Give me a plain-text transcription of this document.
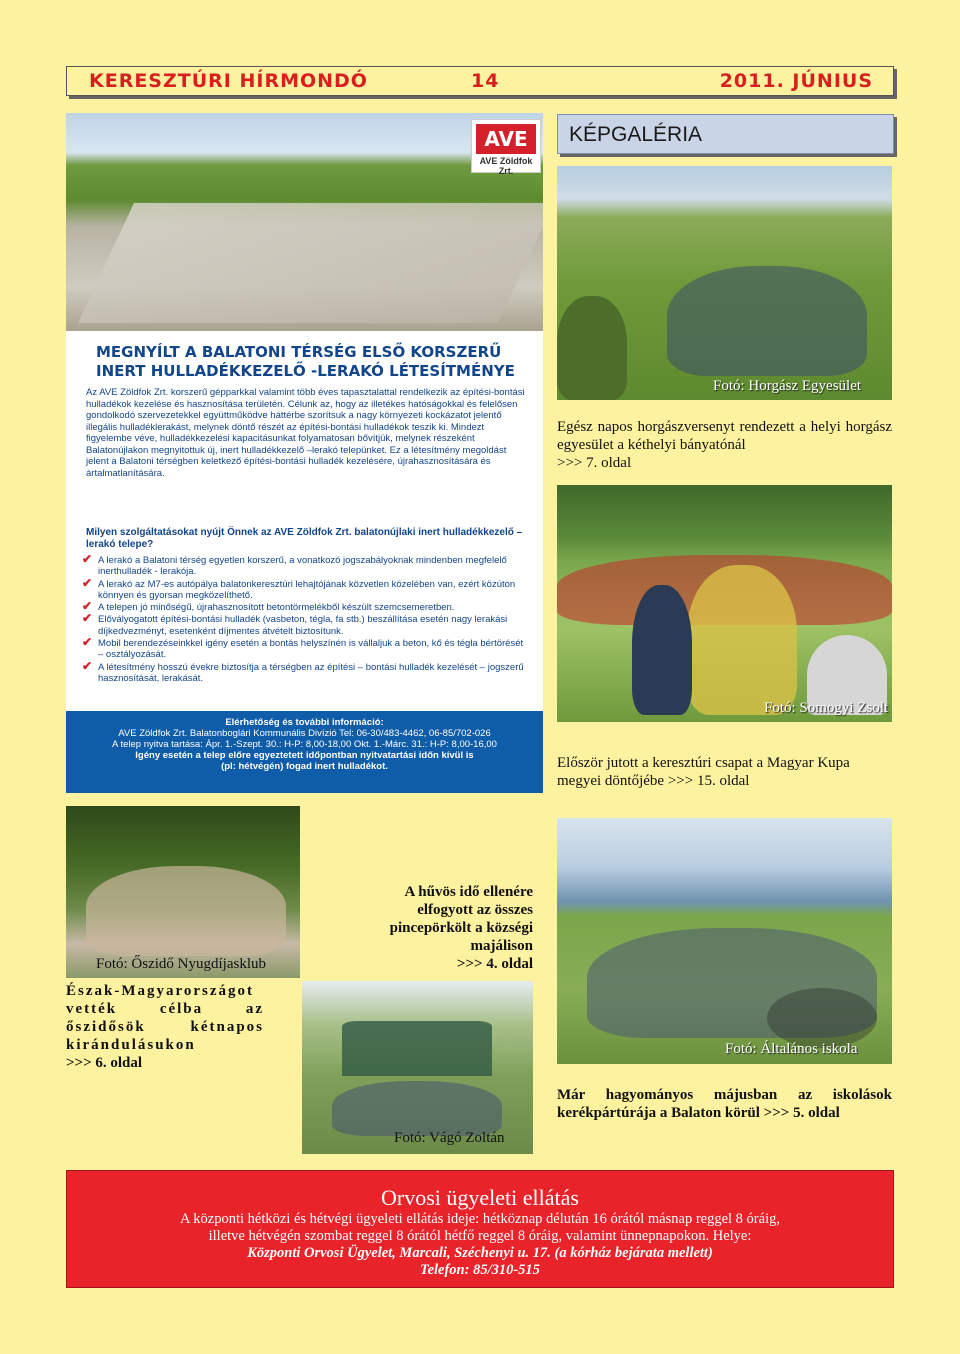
KERESZTÚRI HÍRMONDÓ	14	2011. JÚNIUS
AVE
AVE Zöldfok Zrt.
MEGNYÍLT A BALATONI TÉRSÉG ELSŐ KORSZERŰ
INERT HULLADÉKKEZELŐ -LERAKÓ LÉTESÍTMÉNYE
Az AVE Zöldfok Zrt. korszerű gépparkkal valamint több éves tapasztalattal rendelkezik az építési-bontási hulladékok kezelése és hasznosítása területén. Célunk az, hogy az illetékes hatóságokkal és felelősen gondolkodó szervezetekkel együttműködve háttérbe szorítsuk a nagy környezeti kockázatot jelentő illegális hulladéklerakást, melynek döntő részét az építési-bontási hulladékok teszik ki. Mindezt figyelembe véve, hulladékkezelési kapacitásunkat folyamatosan bővítjük, melynek részeként Balatonújlakon megnyitottuk új, inert hulladékkezelő –lerakó telepünket. Ez a létesítmény megoldást jelent a Balatoni térségben keletkező építési-bontási hulladék kezelésére, újrahasznosítására és ártalmatlanítására.
Milyen szolgáltatásokat nyújt Önnek az AVE Zöldfok Zrt. balatonújlaki inert hulladékkezelő –lerakó telepe?
✔ A lerakó a Balatoni térség egyetlen korszerű, a vonatkozó jogszabályoknak mindenben megfelelő inerthulladék - lerakója.
✔ A lerakó az M7-es autópálya balatonkeresztúri lehajtójának közvetlen közelében van, ezért közúton könnyen és gyorsan megközelíthető.
✔ A telepen jó minőségű, újrahasznosított betontörmelékből készült szemcsemeretben.
✔ Elővályogatott építési-bontási hulladék (vasbeton, tégla, fa stb.) beszállítása esetén nagy lerakási díjkedvezményt, esetenként díjmentes átvételt biztosítunk.
✔ Mobil berendezéseinkkel igény esetén a bontás helyszínén is vállaljuk a beton, kő és tégla bértörését – osztályozását.
✔ A létesítmény hosszú évekre biztosítja a térségben az építési – bontási hulladék kezelését – jogszerű hasznosítását, lerakását.
Elérhetőség és további információ:
AVE Zöldfok Zrt. Balatonboglári Kommunális Divízió Tel: 06-30/483-4462, 06-85/702-026
A telep nyitva tartása: Ápr. 1.-Szept. 30.: H-P: 8,00-18,00 Okt. 1.-Márc. 31.: H-P: 8,00-16,00
Igény esetén a telep előre egyeztetett időpontban nyitvatartási időn kívül is
(pl: hétvégén) fogad inert hulladékot.
KÉPGALÉRIA
Fotó: Horgász Egyesület
Egész napos horgászversenyt rendezett a helyi horgász egyesület a kéthelyi bányatónál
>>> 7. oldal
Fotó: Somogyi Zsolt
Először jutott a keresztúri csapat a Magyar Kupa megyei döntőjébe >>> 15. oldal
Fotó: Őszidő Nyugdíjasklub
Észak-Magyarországot vették célba az őszidősök kétnapos kirándulásukon
>>> 6. oldal
A hűvös idő ellenére elfogyott az összes pincepörkölt a községi majálison
>>> 4. oldal
Fotó: Vágó Zoltán
Fotó: Általános iskola
Már hagyományos májusban az iskolások kerékpártúrája a Balaton körül >>> 5. oldal
Orvosi ügyeleti ellátás
A központi hétközi és hétvégi ügyeleti ellátás ideje: hétköznap délután 16 órától másnap reggel 8 óráig,
illetve hétvégén szombat reggel 8 órától hétfő reggel 8 óráig, valamint ünnepnapokon. Helye:
Központi Orvosi Ügyelet, Marcali, Széchenyi u. 17. (a kórház bejárata mellett)
Telefon: 85/310-515
